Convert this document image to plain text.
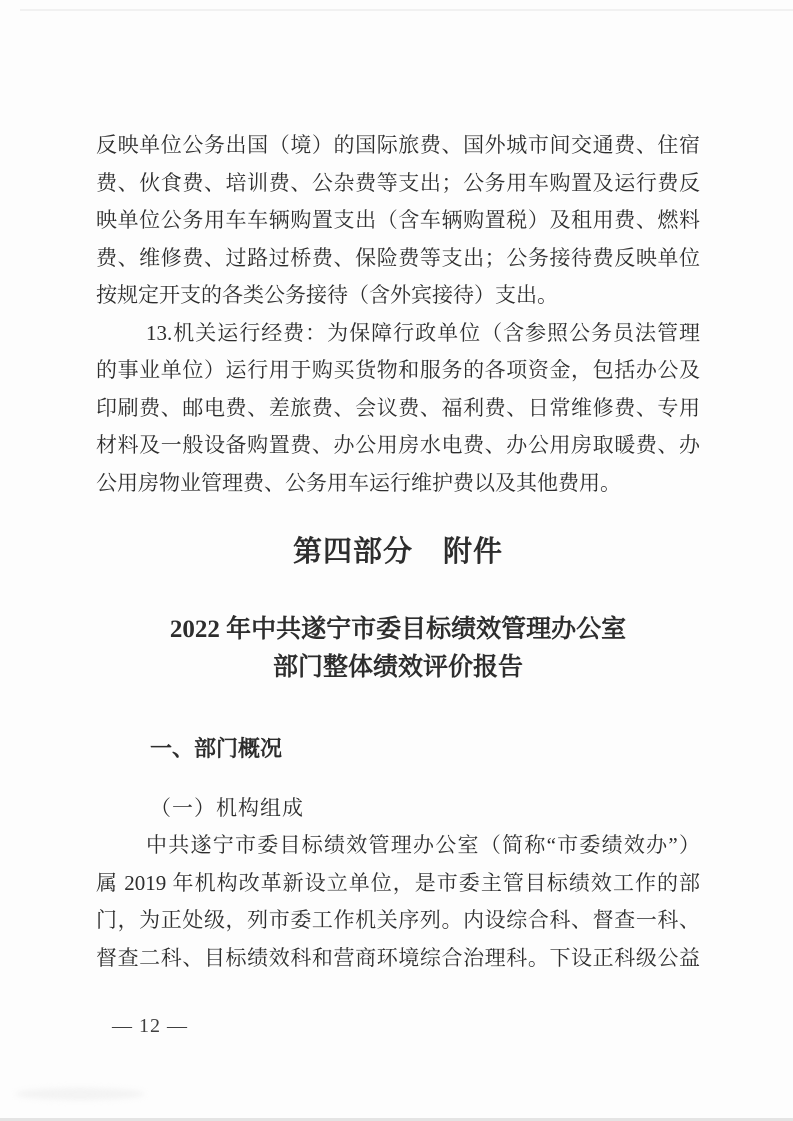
反映单位公务出国（境）的国际旅费、国外城市间交通费、住宿
费、伙食费、培训费、公杂费等支出；公务用车购置及运行费反
映单位公务用车车辆购置支出（含车辆购置税）及租用费、燃料
费、维修费、过路过桥费、保险费等支出；公务接待费反映单位
按规定开支的各类公务接待（含外宾接待）支出。

13.机关运行经费：为保障行政单位（含参照公务员法管理
的事业单位）运行用于购买货物和服务的各项资金，包括办公及
印刷费、邮电费、差旅费、会议费、福利费、日常维修费、专用
材料及一般设备购置费、办公用房水电费、办公用房取暖费、办
公用房物业管理费、公务用车运行维护费以及其他费用。

第四部分　附件
2022 年中共遂宁市委目标绩效管理办公室
部门整体绩效评价报告
一、部门概况
（一）机构组成

中共遂宁市委目标绩效管理办公室（简称“市委绩效办”）
属 2019 年机构改革新设立单位，是市委主管目标绩效工作的部
门，为正处级，列市委工作机关序列。内设综合科、督查一科、
督查二科、目标绩效科和营商环境综合治理科。下设正科级公益

— 12 —
